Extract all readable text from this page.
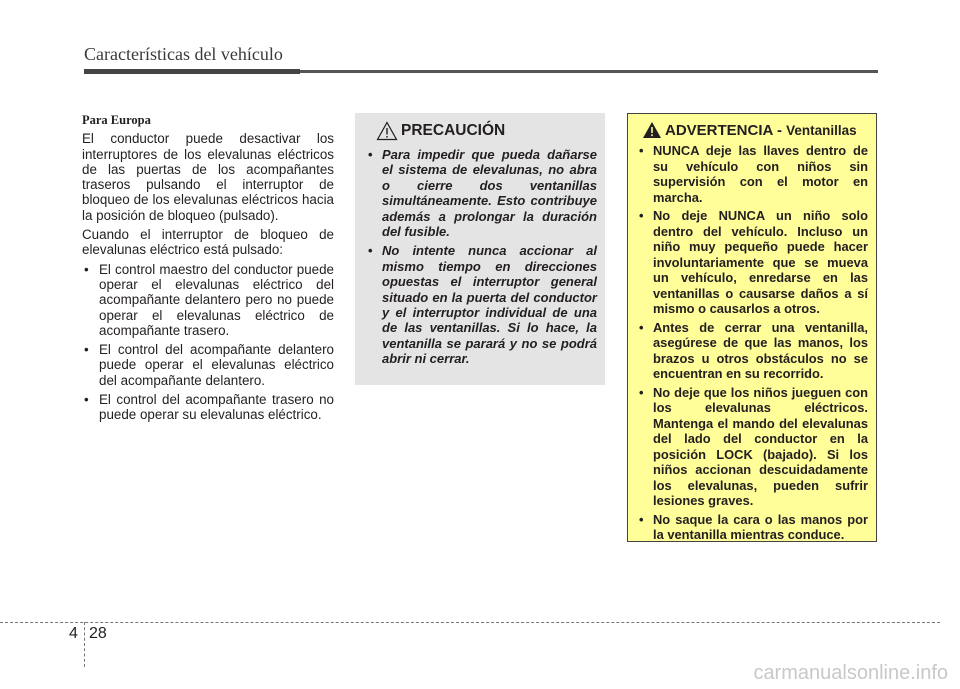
Características del vehículo
Para Europa

El conductor puede desactivar los interruptores de los elevalunas eléctricos de las puertas de los acompañantes traseros pulsando el interruptor de bloqueo de los elevalunas eléctricos hacia la posición de bloqueo (pulsado).

Cuando el interruptor de bloqueo de elevalunas eléctrico está pulsado:

• El control maestro del conductor puede operar el elevalunas eléctrico del acompañante delantero pero no puede operar el elevalunas eléctrico de acompañante trasero.
• El control del acompañante delantero puede operar el elevalunas eléctrico del acompañante delantero.
• El control del acompañante trasero no puede operar su elevalunas eléctrico.
PRECAUCIÓN
• Para impedir que pueda dañarse el sistema de elevalunas, no abra o cierre dos ventanillas simultáneamente. Esto contribuye además a prolongar la duración del fusible.
• No intente nunca accionar al mismo tiempo en direcciones opuestas el interruptor general situado en la puerta del conductor y el interruptor individual de una de las ventanillas. Si lo hace, la ventanilla se parará y no se podrá abrir ni cerrar.
ADVERTENCIA - Ventanillas
• NUNCA deje las llaves dentro de su vehículo con niños sin supervisión con el motor en marcha.
• No deje NUNCA un niño solo dentro del vehículo. Incluso un niño muy pequeño puede hacer involuntariamente que se mueva un vehículo, enredarse en las ventanillas o causarse daños a sí mismo o causarlos a otros.
• Antes de cerrar una ventanilla, asegúrese de que las manos, los brazos u otros obstáculos no se encuentran en su recorrido.
• No deje que los niños jueguen con los elevalunas eléctricos. Mantenga el mando del elevalunas del lado del conductor en la posición LOCK (bajado). Si los niños accionan descuidadamente los elevalunas, pueden sufrir lesiones graves.
• No saque la cara o las manos por la ventanilla mientras conduce.
4 28
carmanualsonline.info
